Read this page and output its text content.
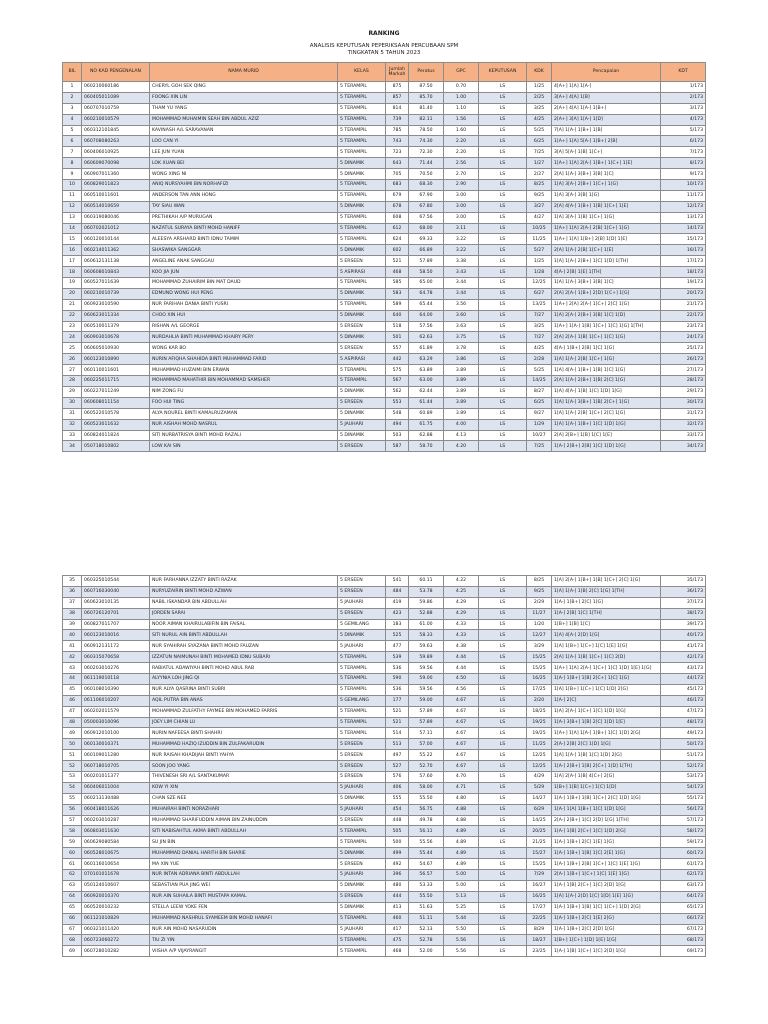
RANKING
ANALISIS KEPUTUSAN PEPERIKSAAN PERCUBAAN SPM
TINGKATAN 5 TAHUN 2023
BIL	NO KAD PENGENALAN	NAMA MURID	KELAS	Jumlah Markah	Peratus	GPC	KEPUTUSAN	KDK	Pencapaian	KDT
1	060210060186	CHERYL GOH SEK QING	5 TERAMPIL	875	87.50	0.70	LS	1/25	4[A+] 1[A] 1[A-]	1/173
2	060405011089	FOONG XIN LIN	5 TERAMPIL	857	85.70	1.00	LS	2/25	3[A+] 4[A] 1[B]	2/173
3	060707010759	THAM YU YANG	5 TERAMPIL	814	81.40	1.10	LS	3/25	2[A+] 4[A] 1[A-] 1[B+]	3/173
4	060210010579	MOHAMMAD MUHAIMIN SEAH BIN ABDUL AZIZ	5 TERAMPIL	739	82.11	1.56	LS	4/25	2[A+] 3[A] 1[A-] 1[D]	4/173
5	060312101845	KAVINASH A/L SARAVANAN	5 TERAMPIL	785	78.50	1.60	LS	5/25	7[A] 1[A-] 1[B+] 1[B]	5/173
6	060708080263	LOO CAN YI	5 TERAMPIL	743	74.30	2.20	LS	6/25	1[A+] 1[A] 5[A-] 1[B+] 2[B]	6/173
7	060406010925	LEE JUN YUAN	5 TERAMPIL	723	72.30	2.20	LS	7/25	3[A] 5[A-] 1[B] 1[C+]	7/173
8	060609070098	LOK XUAN BEI	5 DINAMIK	643	71.44	2.56	LS	1/27	1[A+] 1[A] 2[A-] 1[B+] 1[C+] 1[E]	8/173
9	060907011360	WONG XING NI	5 DINAMIK	705	70.50	2.70	LS	2/27	2[A] 1[A-] 3[B+] 3[B] 1[C]	9/173
10	060829011823	ANIQ NURSYAHMI BIN NORHAFIZI	5 TERAMPIL	683	68.30	2.90	LS	8/25	1[A] 3[A-] 2[B+] 1[C+] 1[G]	10/173
11	060510011601	ANDERSON TAN ANN HONG	5 TERAMPIL	679	67.90	3.00	LS	9/25	1[A] 3[A-] 3[B] 1[G]	11/173
12	060514010659	TAY SIAU WAN	5 DINAMIK	678	67.80	3.00	LS	3/27	2[A] 4[A-] 1[B+] 1[B] 1[C+] 1[E]	12/173
13	060319080046	PRETHIKAH A/P MURUGAN	5 TERAMPIL	608	67.56	3.00	LS	4/27	1[A] 3[A-] 1[B] 1[C+] 1[G]	13/173
14	060702021012	NAZATUL SURAYA BINTI MOHD HANIFF	5 TERAMPIL	612	68.00	3.11	LS	10/25	1[A+] 1[A] 2[A-] 2[B] 1[C+] 1[G]	14/173
15	060120010144	ALEESYA ARSHARD BINTI IDNU TAMIM	5 TERAMPIL	624	69.33	3.22	LS	11/25	1[A+] 1[A] 1[B+] 2[B] 1[D] 1[E]	15/173
16	060214011362	SHASWIKA SANGGAR	5 DINAMIK	602	66.89	3.22	LS	5/27	2[A] 1[A-] 2[B] 1[C+] 1[E]	16/173
17	060612131138	ANGELINE ANAK SANGGAU	5 ERSEEN	521	57.89	3.38	LS	1/25	1[A] 1[A-] 2[B+] 1[C] 1[D] 1[TH]	17/173
18	060608010843	KOO JIA JUN	5 ASPIRASI	468	58.50	3.43	LS	1/28	4[A-] 2[B] 1[E] 1[TH]	18/173
19	060527011639	MOHAMMAD ZUHAIRIM BIN MAT DAUD	5 TERAMPIL	585	65.00	3.44	LS	12/25	1[A] 1[A-] 3[B+] 3[B] 1[C]	19/173
20	060210010739	EDMUND WONG HUI PENG	5 DINAMIK	583	64.78	3.44	LS	6/27	2[A] 2[A-] 1[B+] 2[D] 1[C+] 1[G]	20/173
21	060923010590	NUR FARIHAH DANIA BINTI YUSRI	5 TERAMPIL	589	65.44	3.56	LS	13/25	1[A+] 2[A] 2[A-] 1[C+] 2[C] 1[G]	21/173
22	060623011334	CHOO XIN HUI	5 DINAMIK	640	64.00	3.60	LS	7/27	1[A] 2[A-] 2[B+] 3[B] 1[C] 1[D]	22/173
23	060510011379	RISHAN A/L GEORGE	5 ERSEEN	518	57.56	3.63	LS	3/25	1[A+] 1[A-] 1[B] 1[C+] 1[C] 1[G] 1[TH]	23/173
24	060903010678	NURDAHLIA BINTI MUHAMMAD KHAIRY PERY	5 DINAMIK	501	62.63	3.75	LS	7/27	2[A] 2[A-] 1[B] 1[C+] 1[C] 1[G]	24/173
25	060605010930	WONG KAR BO	5 ERSEEN	557	61.89	3.78	LS	4/25	4[A-] 1[B+] 2[B] 1[C] 1[G]	25/173
26	060123010890	NURIN AFIQHA SHAHIDA BINTI MUHAMMAD FARID	5 ASPIRASI	442	63.29	3.86	LS	2/28	1[A] 1[A-] 2[B] 1[C+] 1[G]	26/173
27	060110011601	MUHAMMAD HUZAIMI BIN ERWAN	5 TERAMPIL	575	63.89	3.89	LS	5/25	1[A] 4[A-] 1[B+] 1[B] 1[C] 1[G]	27/173
28	060225011715	MOHAMMAD MAHATHIR BIN MOHAMMAD SAMSHER	5 TERAMPIL	567	63.00	3.89	LS	14/25	2[A] 1[A-] 2[B+] 1[B] 2[C] 1[G]	28/173
29	060227011249	NIM ZONG FU	5 DINAMIK	562	62.44	3.89	LS	8/27	1[A] 4[A-] 1[B] 1[C] 1[D] 1[G]	29/173
30	060608011154	FOO HUI TING	5 ERSEEN	553	61.44	3.89	LS	6/25	1[A] 1[A-] 3[B+] 1[B] 2[C+] 1[G]	30/173
31	060522010578	ALYA NOUREL BINTI KAMALRUZAMAN	5 DINAMIK	548	60.89	3.89	LS	9/27	1[A] 1[A-] 2[B] 1[C+] 2[C] 1[G]	31/173
32	060523011632	NUR AISHAH MOHD NASRUL	5 JAUHARI	494	61.75	4.00	LS	1/29	1[A] 1[A-] 1[B+] 1[C] 1[D] 1[G]	32/173
33	060824011824	SITI NURBATRISYA BINTI MOHD RAZALI	5 DINAMIK	503	62.88	4.13	LS	10/27	2[A] 2[B+] 1[B] 1[C] 1[E]	33/173
34	050718010802	LOW KAI SIN	5 ERSEEN	587	58.70	4.20	LS	7/25	1[A-] 2[B+] 2[B] 1[C] 1[D] 1[G]	34/173
35	060325010544	NUR FARHANNA IZZATY BINTI RAZAK	5 ERSEEN	541	60.11	4.22	LS	8/25	1[A] 2[A-] 1[B+] 1[B] 1[C+] 2[C] 1[G]	35/173
36	060716030040	NURYUZAIRIN BINTI MOHD AZWAN	5 ERSEEN	484	53.78	4.25	LS	9/25	1[A] 1[A-] 1[B] 2[C] 1[G] 1[TH]	36/173
37	060623010135	NABIL ISKANDAR BIN ABDULLAH	5 JAUHARI	419	59.86	4.29	LS	2/29	1[A-] 1[B+] 2[C] 1[G]	37/173
38	060726120701	JORDEN SARAI	5 ERSEEN	423	52.88	4.29	LS	11/27	1[A-] 2[B] 1[C] 1[TH]	38/173
39	060827011707	NOOR AIMAN KHAIRULABIFIN BIN FAISAL	5 GEMILANG	183	61.00	4.33	LS	1/20	1[B+] 1[B] 1[C]	39/173
40	060123010016	SITI NURUL AIN BINTI ABDULLAH	5 DINAMIK	525	58.33	4.33	LS	12/27	1[A] 4[A-] 2[D] 1[G]	40/173
41	060912131172	NUR SYAHIRAH SYAZANA BINTI MOHD FAUZAN	5 JAUHARI	477	59.63	4.38	LS	3/29	1[A] 1[B+] 1[C+] 1[C] 1[E] 1[G]	41/173
42	060315070658	IZZATUN NAIMUNAH BINTI MOHAMED IDNU SUBARI	5 TERAMPIL	539	59.89	4.44	LS	15/25	2[A] 1[A-] 1[B] 1[C+] 1[C] 2[D]	42/173
43	060203010276	RABIATUL ADAWIYAH BINTI MOHD ABUL RAB	5 TERAMPIL	536	59.56	4.44	LS	15/25	1[A+] 1[A] 2[A-] 1[C+] 1[C] 1[D] 1[E] 1[G]	43/173
44	061119010118	ALYYNIA LOH JING QI	5 TERAMPIL	590	59.00	4.50	LS	16/25	1[A-] 1[B+] 1[B] 2[C+] 1[C] 1[G]	44/173
45	060108010390	NUR ALYA QASRINA BINTI SUBRI	5 TERAMPIL	536	59.56	4.56	LS	17/25	1[A] 1[B+] 1[C+] 1[C] 1[D] 2[G]	45/173
46	061106010207	AQIL PUTRA BIN ANAS	5 GEMILANG	177	59.00	4.67	LS	2/20	1[A-] 2[C]	46/173
47	060202011579	MOHAMMAD ZULFATHY FAYMEE BIN MOHAMED FARRIS	5 TERAMPIL	521	57.89	4.67	LS	18/25	1[A] 2[A-] 1[C+] 1[C] 1[D] 1[G]	47/173
48	050003010096	JOEY LIM CHIAN LU	5 TERAMPIL	521	57.89	4.67	LS	19/25	1[A-] 3[B+] 1[B] 2[C] 1[D] 1[E]	48/173
49	060912010100	NURIN NAFEESA BINTI SHAHRI	5 TERAMPIL	514	57.11	4.67	LS	19/25	1[A+] 1[A] 1[A-] 1[B+] 1[C] 1[D] 2[G]	49/173
50	060130010371	MUHAMMAD HAZIQ IZUDDIN BIN ZULFAKARUDIN	5 ERSEEN	513	57.00	4.67	LS	11/25	2[A-] 2[B] 2[C] 1[D] 1[G]	50/173
51	060109011280	NUR RAISAH KHADIJAH BINTI YAHYA	5 ERSEEN	497	55.22	4.67	LS	12/25	1[A] 1[A-] 1[B] 1[C] 1[D] 2[G]	51/173
52	060718010705	SOON JOO YANG	5 ERSEEN	527	52.70	4.67	LS	12/25	1[A-] 2[B+] 1[B] 2[C+] 1[D] 1[TH]	52/173
53	060201011377	THIVENESH SRI A/L SANTAKUMAR	5 ERSEEN	576	57.60	4.70	LS	4/29	1[A] 2[A-] 1[B] 4[C+] 2[G]	53/173
54	060406011004	KOW YI XIN	5 JAUHARI	406	58.00	4.71	LS	5/29	1[B+] 1[B] 1[C+] 1[C] 1[D]	54/173
55	060213130488	CHAN SZE NEE	5 DINAMIK	555	55.50	4.80	LS	14/27	1[A-] 1[B+] 1[B] 1[C+] 2[C] 1[D] 1[G]	55/173
56	060418011626	MUHAIRAH BINTI NORAZHARI	5 JAUHARI	454	56.75	4.88	LS	6/29	1[A-] 1[A] 1[B+] 1[C] 1[D] 1[G]	56/173
57	060203010287	MUHAMMAD SHARIFUDDIN AIMAN BIN ZAINUDDIN	5 ERSEEN	448	49.78	4.88	LS	14/25	2[A-] 2[B+] 1[C] 2[D] 1[G] 1[TH]	57/173
58	060803011630	SITI NABISAHTUL AKMA BINTI ABDULLAH	5 TERAMPIL	505	56.11	4.89	LS	20/25	1[A-] 1[B] 2[C+] 1[C] 1[D] 2[G]	58/173
59	060629080584	SU JIN BIN	5 TERAMPIL	500	55.56	4.89	LS	21/25	1[A-] 1[B+] 2[C] 1[E] 1[G]	59/173
60	060528010675	MUHAMMAD DANIAL HARITH BIN SHARIE	5 DINAMIK	499	55.44	4.89	LS	15/27	1[A-] 1[B+] 1[B] 1[C] 2[E] 1[G]	60/173
61	060116010654	MA XIN YUE	5 ERSEEN	492	54.67	4.89	LS	15/25	1[A-] 1[B+] 2[B] 1[C+] 1[C] 1[E] 1[G]	61/173
62	070101011678	NUR INTAN ADRIANA BINTI ABDULLAH	5 JAUHARI	396	56.57	5.00	LS	7/29	2[A-] 1[B+] 1[C+] 1[C] 1[E] 1[G]	62/173
63	050124010607	SEBASTIAN PUA JING WEI	5 DINAMIK	480	53.33	5.00	LS	16/27	1[A-] 1[B] 2[C+] 1[C] 2[D] 1[G]	63/173
64	060920010370	NUR AIN SUHAILA BINTI MUSTAPA KAMAL	5 ERSEEN	444	55.50	5.13	LS	16/25	1[A] 1[A-] 2[D] 1[C] 1[D] 1[E] 1[G]	64/173
65	060520010232	STELLA LEEW YOKE FEN	5 DINAMIK	413	51.63	5.25	LS	17/27	1[A-] 1[B+] 1[B] 1[C] 1[C+] 1[D] 2[G]	65/173
66	061121010829	MUHAMMAD NASHRUL SYAMEEM BIN MOHD HANAFI	5 TERAMPIL	460	51.11	5.44	LS	22/25	1[A-] 1[B+] 2[C] 1[E] 2[G]	66/173
67	060321011420	NUR AIN MOHD NASARUDIN	5 JAUHARI	417	52.13	5.50	LS	8/29	1[A-] 1[B+] 2[C] 2[D] 1[G]	67/173
68	060723060272	TIU ZI YIN	5 TERAMPIL	475	52.78	5.56	LS	18/27	1[B+] 1[C+] 1[D] 1[E] 1[G]	68/173
69	060728010282	VIISHA A/P VIJAYRANGIT	5 TERAMPIL	468	52.00	5.56	LS	23/25	1[A-] 1[B] 1[C+] 1[C] 2[D] 1[G]	69/173
